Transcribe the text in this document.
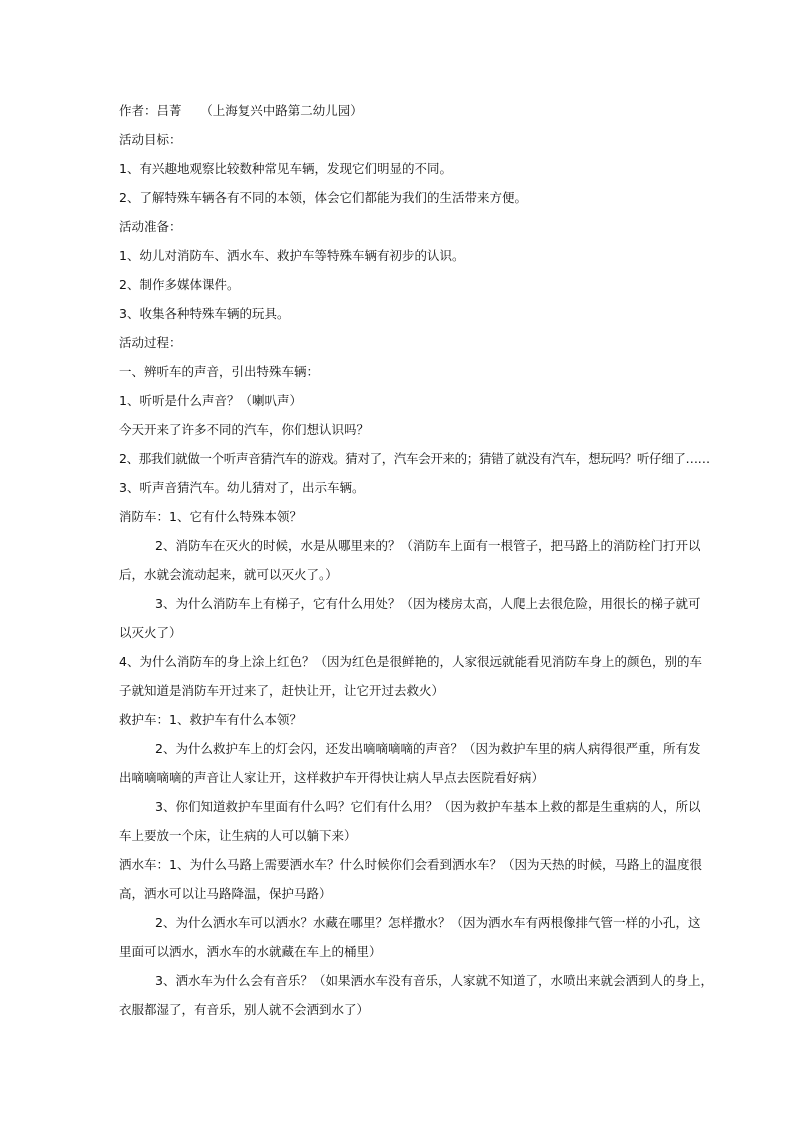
作者：吕菁　　（上海复兴中路第二幼儿园）
活动目标：
1、有兴趣地观察比较数种常见车辆，发现它们明显的不同。
2、了解特殊车辆各有不同的本领，体会它们都能为我们的生活带来方便。
活动准备：
1、幼儿对消防车、洒水车、救护车等特殊车辆有初步的认识。
2、制作多媒体课件。
3、收集各种特殊车辆的玩具。
活动过程：
一、辨听车的声音，引出特殊车辆：
1、听听是什么声音？（喇叭声）
今天开来了许多不同的汽车，你们想认识吗？
2、那我们就做一个听声音猜汽车的游戏。猜对了，汽车会开来的；猜错了就没有汽车，想玩吗？听仔细了……
3、听声音猜汽车。幼儿猜对了，出示车辆。
消防车：1、它有什么特殊本领？
2、消防车在灭火的时候，水是从哪里来的？（消防车上面有一根管子，把马路上的消防栓门打开以
后，水就会流动起来，就可以灭火了。）
3、为什么消防车上有梯子，它有什么用处？（因为楼房太高，人爬上去很危险，用很长的梯子就可
以灭火了）
4、为什么消防车的身上涂上红色？（因为红色是很鲜艳的，人家很远就能看见消防车身上的颜色，别的车
子就知道是消防车开过来了，赶快让开，让它开过去救火）
救护车：1、救护车有什么本领？
2、为什么救护车上的灯会闪，还发出嘀嘀嘀嘀的声音？（因为救护车里的病人病得很严重，所有发
出嘀嘀嘀嘀的声音让人家让开，这样救护车开得快让病人早点去医院看好病）
3、你们知道救护车里面有什么吗？它们有什么用？（因为救护车基本上救的都是生重病的人，所以
车上要放一个床，让生病的人可以躺下来）
洒水车：1、为什么马路上需要洒水车？什么时候你们会看到洒水车？（因为天热的时候，马路上的温度很
高，洒水可以让马路降温，保护马路）
2、为什么洒水车可以洒水？水藏在哪里？怎样撒水？（因为洒水车有两根像排气管一样的小孔，这
里面可以洒水，洒水车的水就藏在车上的桶里）
3、洒水车为什么会有音乐？（如果洒水车没有音乐，人家就不知道了，水喷出来就会洒到人的身上，
衣服都湿了，有音乐，别人就不会洒到水了）
